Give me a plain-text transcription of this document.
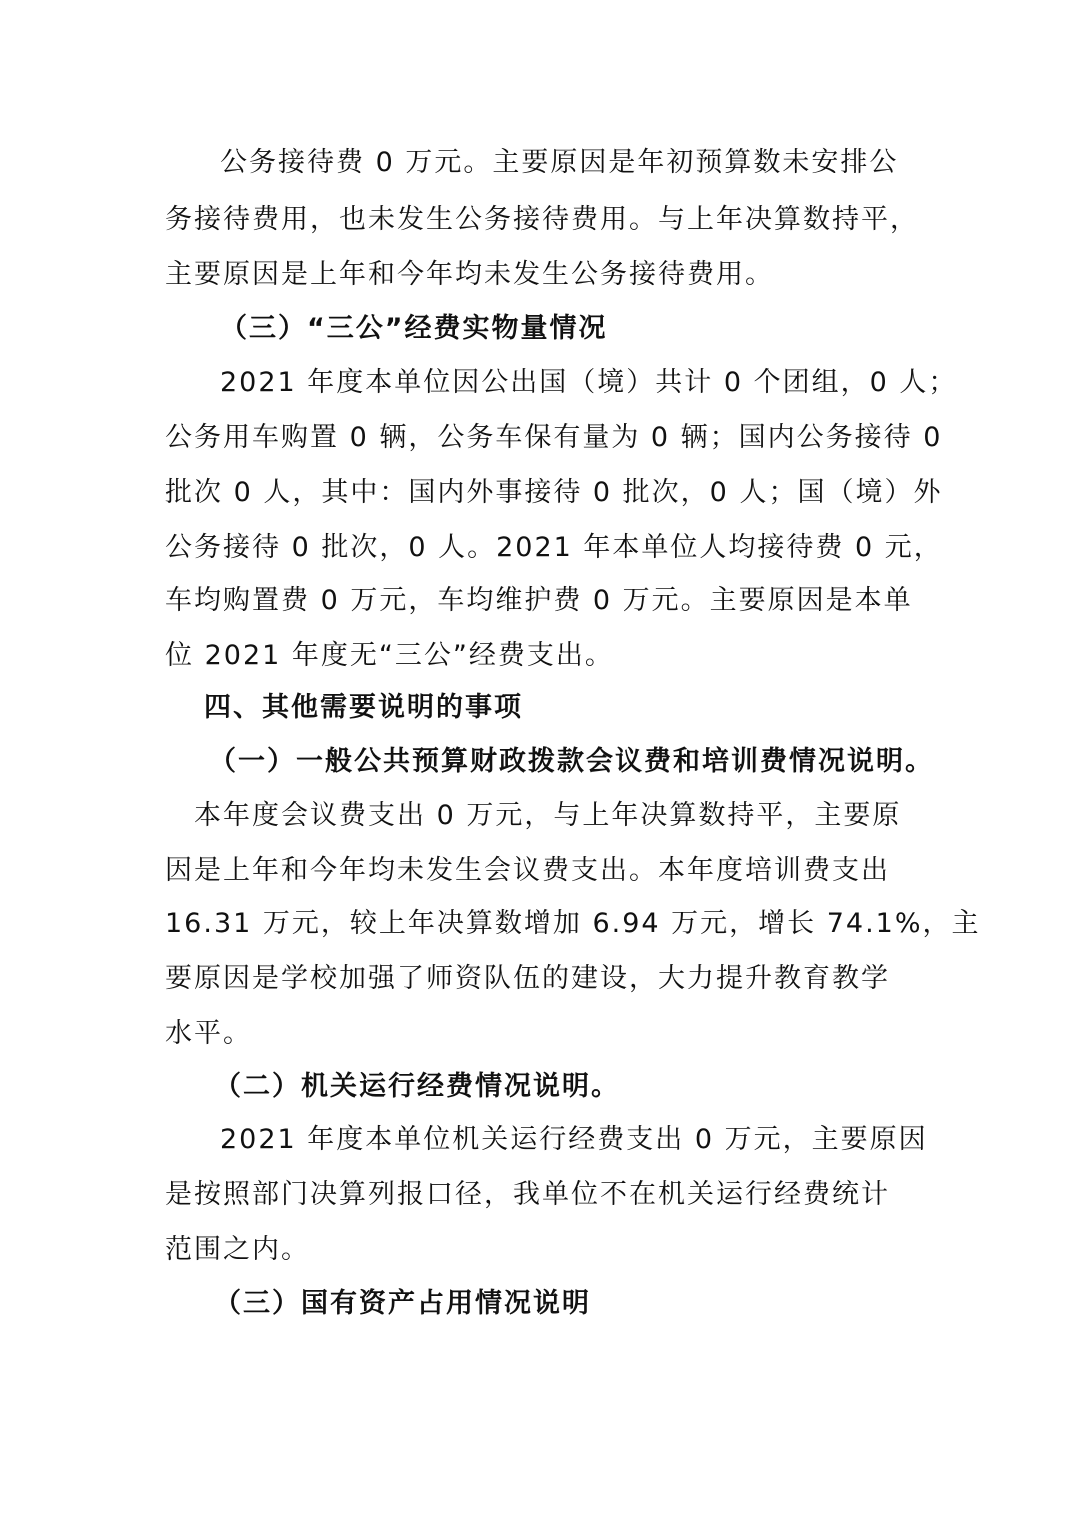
公务接待费 0 万元。主要原因是年初预算数未安排公
务接待费用，也未发生公务接待费用。与上年决算数持平，
主要原因是上年和今年均未发生公务接待费用。
（三）“三公”经费实物量情况
2021 年度本单位因公出国（境）共计 0 个团组，0 人；
公务用车购置 0 辆，公务车保有量为 0 辆；国内公务接待 0
批次 0 人，其中：国内外事接待 0 批次，0 人；国（境）外
公务接待 0 批次，0 人。2021 年本单位人均接待费 0 元，
车均购置费 0 万元，车均维护费 0 万元。主要原因是本单
位 2021 年度无“三公”经费支出。
四、其他需要说明的事项
（一）一般公共预算财政拨款会议费和培训费情况说明。
本年度会议费支出 0 万元，与上年决算数持平，主要原
因是上年和今年均未发生会议费支出。本年度培训费支出
16.31 万元，较上年决算数增加 6.94 万元，增长 74.1%，主
要原因是学校加强了师资队伍的建设，大力提升教育教学
水平。
（二）机关运行经费情况说明。
2021 年度本单位机关运行经费支出 0 万元，主要原因
是按照部门决算列报口径，我单位不在机关运行经费统计
范围之内。
（三）国有资产占用情况说明
